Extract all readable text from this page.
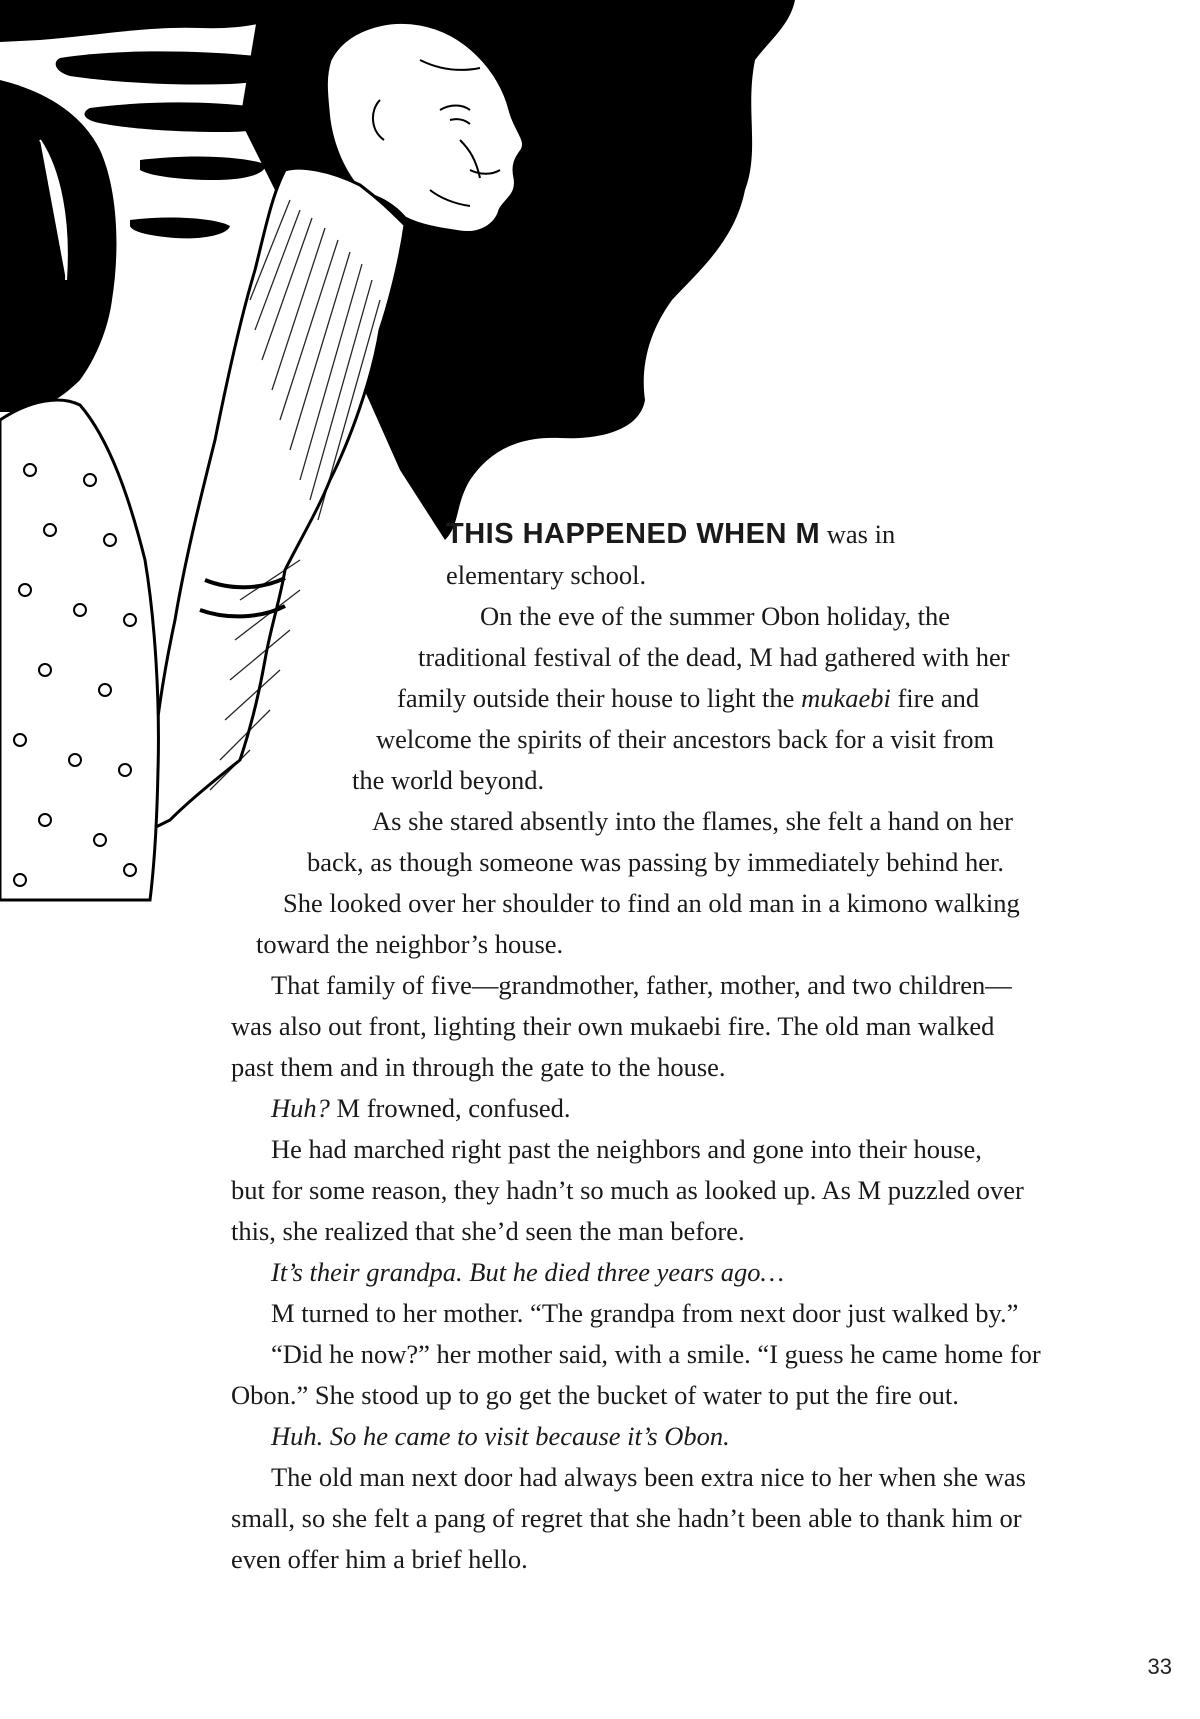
THIS HAPPENED WHEN M was in

elementary school.

On the eve of the summer Obon holiday, the

traditional festival of the dead, M had gathered with her

family outside their house to light the mukaebi fire and

welcome the spirits of their ancestors back for a visit from

the world beyond.

As she stared absently into the flames, she felt a hand on her

back, as though someone was passing by immediately behind her.

She looked over her shoulder to find an old man in a kimono walking

toward the neighbor’s house.

That family of five—grandmother, father, mother, and two children—

was also out front, lighting their own mukaebi fire. The old man walked

past them and in through the gate to the house.

Huh? M frowned, confused.

He had marched right past the neighbors and gone into their house,

but for some reason, they hadn’t so much as looked up. As M puzzled over

this, she realized that she’d seen the man before.

It’s their grandpa. But he died three years ago…

M turned to her mother. “The grandpa from next door just walked by.”

“Did he now?” her mother said, with a smile. “I guess he came home for

Obon.” She stood up to go get the bucket of water to put the fire out.

Huh. So he came to visit because it’s Obon.

The old man next door had always been extra nice to her when she was

small, so she felt a pang of regret that she hadn’t been able to thank him or

even offer him a brief hello.

33
